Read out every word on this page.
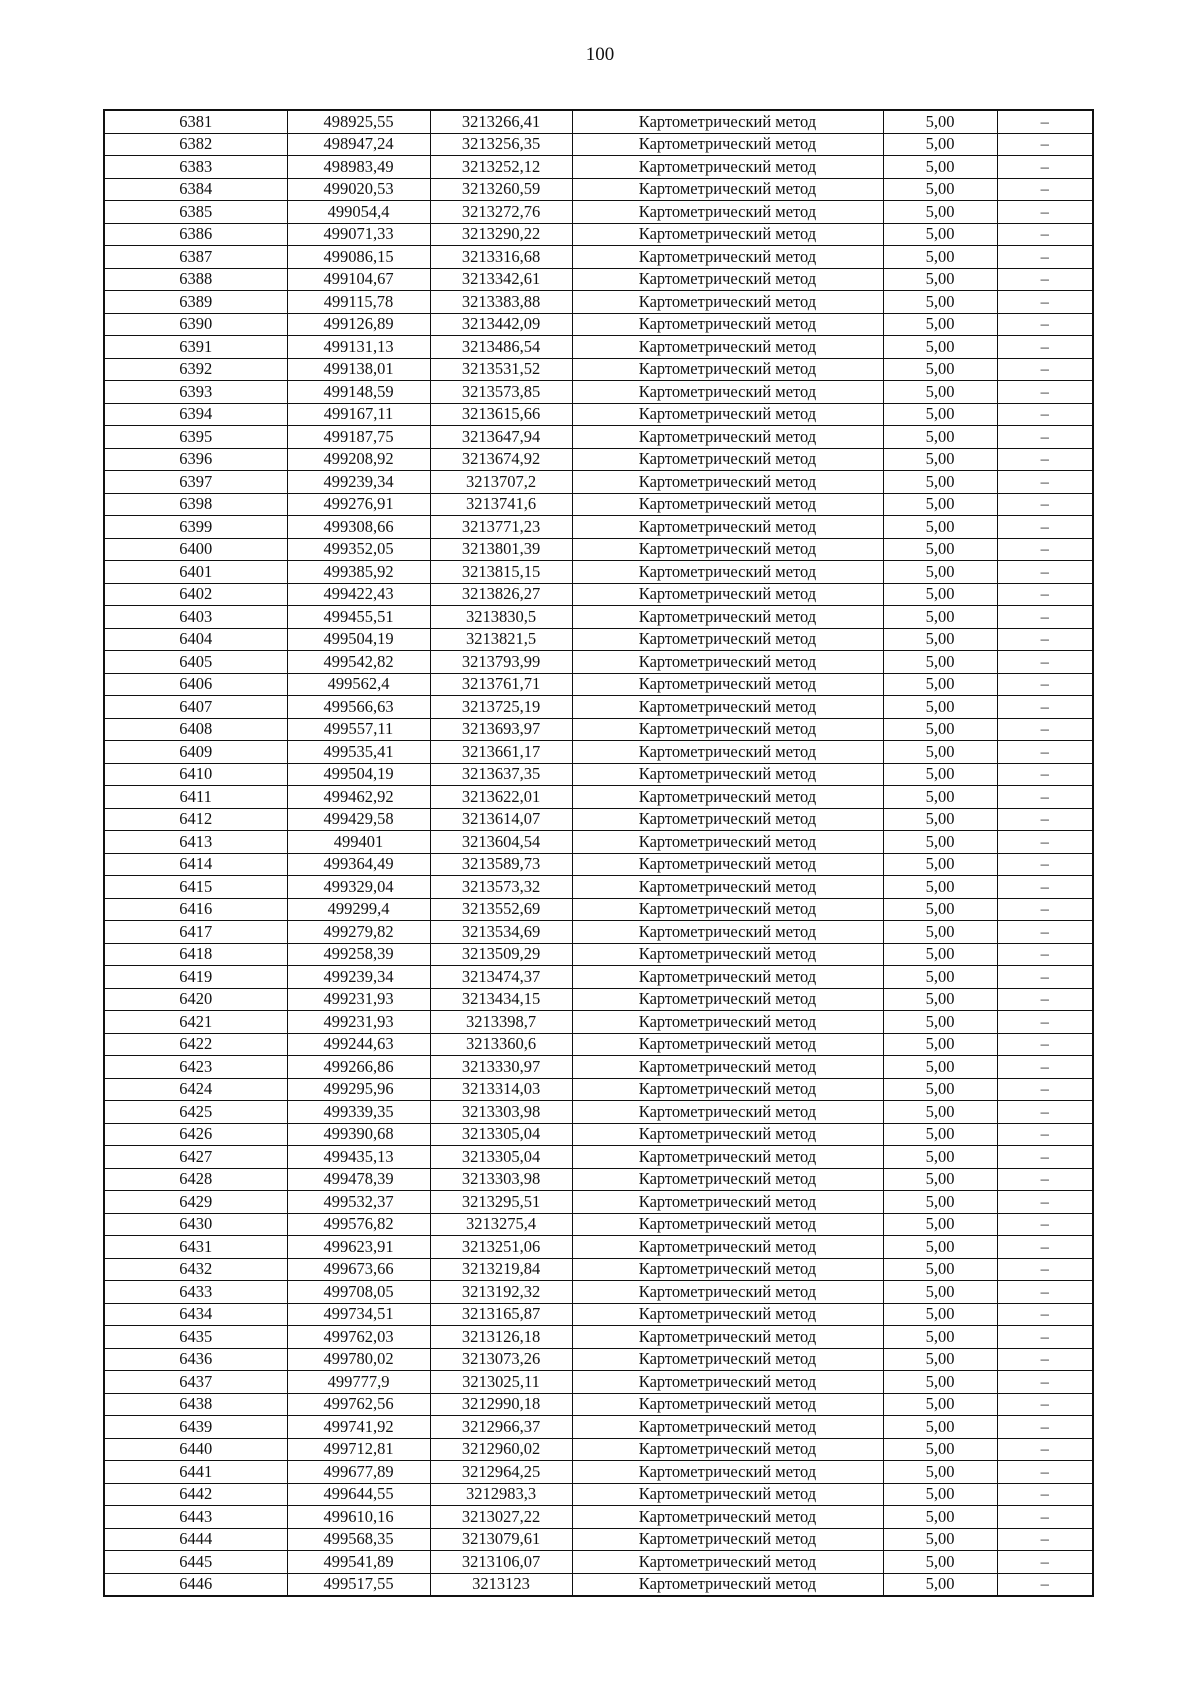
100
6381	498925,55	3213266,41	Картометрический метод	5,00	–
6382	498947,24	3213256,35	Картометрический метод	5,00	–
6383	498983,49	3213252,12	Картометрический метод	5,00	–
6384	499020,53	3213260,59	Картометрический метод	5,00	–
6385	499054,4	3213272,76	Картометрический метод	5,00	–
6386	499071,33	3213290,22	Картометрический метод	5,00	–
6387	499086,15	3213316,68	Картометрический метод	5,00	–
6388	499104,67	3213342,61	Картометрический метод	5,00	–
6389	499115,78	3213383,88	Картометрический метод	5,00	–
6390	499126,89	3213442,09	Картометрический метод	5,00	–
6391	499131,13	3213486,54	Картометрический метод	5,00	–
6392	499138,01	3213531,52	Картометрический метод	5,00	–
6393	499148,59	3213573,85	Картометрический метод	5,00	–
6394	499167,11	3213615,66	Картометрический метод	5,00	–
6395	499187,75	3213647,94	Картометрический метод	5,00	–
6396	499208,92	3213674,92	Картометрический метод	5,00	–
6397	499239,34	3213707,2	Картометрический метод	5,00	–
6398	499276,91	3213741,6	Картометрический метод	5,00	–
6399	499308,66	3213771,23	Картометрический метод	5,00	–
6400	499352,05	3213801,39	Картометрический метод	5,00	–
6401	499385,92	3213815,15	Картометрический метод	5,00	–
6402	499422,43	3213826,27	Картометрический метод	5,00	–
6403	499455,51	3213830,5	Картометрический метод	5,00	–
6404	499504,19	3213821,5	Картометрический метод	5,00	–
6405	499542,82	3213793,99	Картометрический метод	5,00	–
6406	499562,4	3213761,71	Картометрический метод	5,00	–
6407	499566,63	3213725,19	Картометрический метод	5,00	–
6408	499557,11	3213693,97	Картометрический метод	5,00	–
6409	499535,41	3213661,17	Картометрический метод	5,00	–
6410	499504,19	3213637,35	Картометрический метод	5,00	–
6411	499462,92	3213622,01	Картометрический метод	5,00	–
6412	499429,58	3213614,07	Картометрический метод	5,00	–
6413	499401	3213604,54	Картометрический метод	5,00	–
6414	499364,49	3213589,73	Картометрический метод	5,00	–
6415	499329,04	3213573,32	Картометрический метод	5,00	–
6416	499299,4	3213552,69	Картометрический метод	5,00	–
6417	499279,82	3213534,69	Картометрический метод	5,00	–
6418	499258,39	3213509,29	Картометрический метод	5,00	–
6419	499239,34	3213474,37	Картометрический метод	5,00	–
6420	499231,93	3213434,15	Картометрический метод	5,00	–
6421	499231,93	3213398,7	Картометрический метод	5,00	–
6422	499244,63	3213360,6	Картометрический метод	5,00	–
6423	499266,86	3213330,97	Картометрический метод	5,00	–
6424	499295,96	3213314,03	Картометрический метод	5,00	–
6425	499339,35	3213303,98	Картометрический метод	5,00	–
6426	499390,68	3213305,04	Картометрический метод	5,00	–
6427	499435,13	3213305,04	Картометрический метод	5,00	–
6428	499478,39	3213303,98	Картометрический метод	5,00	–
6429	499532,37	3213295,51	Картометрический метод	5,00	–
6430	499576,82	3213275,4	Картометрический метод	5,00	–
6431	499623,91	3213251,06	Картометрический метод	5,00	–
6432	499673,66	3213219,84	Картометрический метод	5,00	–
6433	499708,05	3213192,32	Картометрический метод	5,00	–
6434	499734,51	3213165,87	Картометрический метод	5,00	–
6435	499762,03	3213126,18	Картометрический метод	5,00	–
6436	499780,02	3213073,26	Картометрический метод	5,00	–
6437	499777,9	3213025,11	Картометрический метод	5,00	–
6438	499762,56	3212990,18	Картометрический метод	5,00	–
6439	499741,92	3212966,37	Картометрический метод	5,00	–
6440	499712,81	3212960,02	Картометрический метод	5,00	–
6441	499677,89	3212964,25	Картометрический метод	5,00	–
6442	499644,55	3212983,3	Картометрический метод	5,00	–
6443	499610,16	3213027,22	Картометрический метод	5,00	–
6444	499568,35	3213079,61	Картометрический метод	5,00	–
6445	499541,89	3213106,07	Картометрический метод	5,00	–
6446	499517,55	3213123	Картометрический метод	5,00	–
